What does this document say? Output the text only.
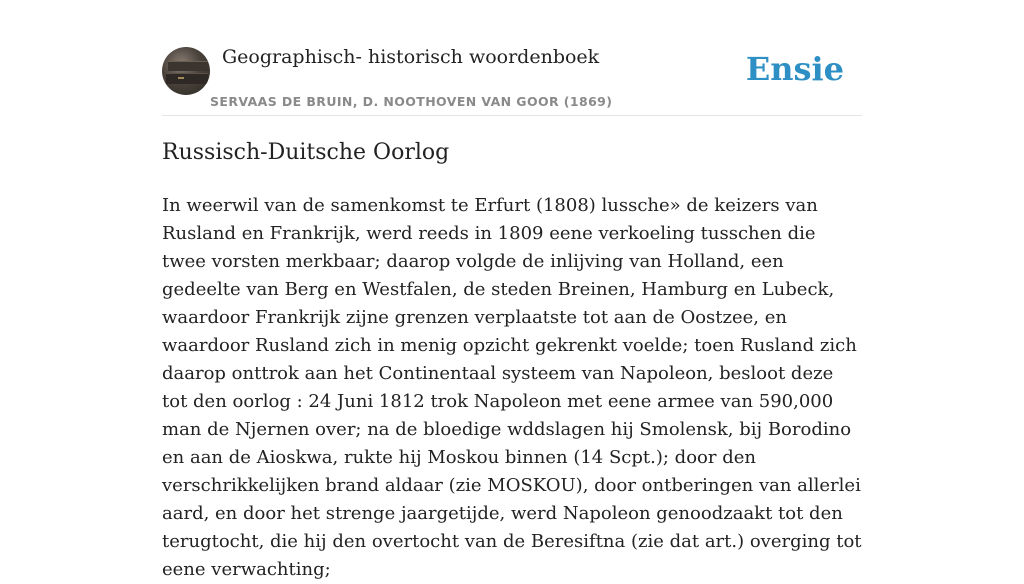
Geographisch- historisch woordenboek
SERVAAS DE BRUIN, D. NOOTHOVEN VAN GOOR (1869)
Ensie
Russisch-Duitsche Oorlog

In weerwil van de samenkomst te Erfurt (1808) lussche» de keizers van Rusland en Frankrijk, werd reeds in 1809 eene verkoeling tusschen die twee vorsten merkbaar; daarop volgde de inlijving van Holland, een gedeelte van Berg en Westfalen, de steden Breinen, Hamburg en Lubeck, waardoor Frankrijk zijne grenzen verplaatste tot aan de Oostzee, en waardoor Rusland zich in menig opzicht gekrenkt voelde; toen Rusland zich daarop onttrok aan het Continentaal systeem van Napoleon, besloot deze tot den oorlog : 24 Juni 1812 trok Napoleon met eene armee van 590,000 man de Njernen over; na de bloedige wddslagen hij Smolensk, bij Borodino en aan de Aioskwa, rukte hij Moskou binnen (14 Scpt.); door den verschrikkelijken brand aldaar (zie MOSKOU), door ontberingen van allerlei aard, en door het strenge jaargetijde, werd Napoleon genoodzaakt tot den terugtocht, die hij den overtocht van de Beresiftna (zie dat art.) overging tot eene verwachting;
